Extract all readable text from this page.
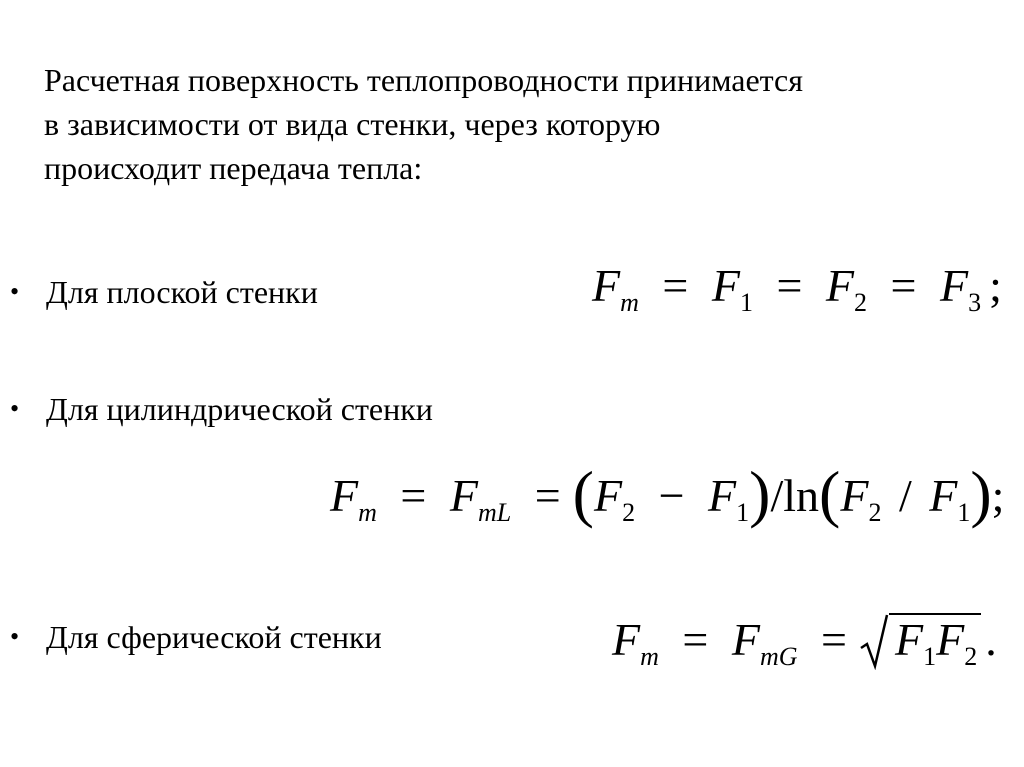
Расчетная поверхность теплопроводности принимается
в зависимости от вида стенки, через которую
происходит передача тепла:
• Для плоской стенки	$F_m = F_1 = F_2 = F_3$ ;
• Для цилиндрической стенки
$F_m = F_{mL} = (F_2 - F_1)/\ln(F_2 / F_1)$;
• Для сферической стенки	$F_m = F_{mG} = F_1F_2$ .
